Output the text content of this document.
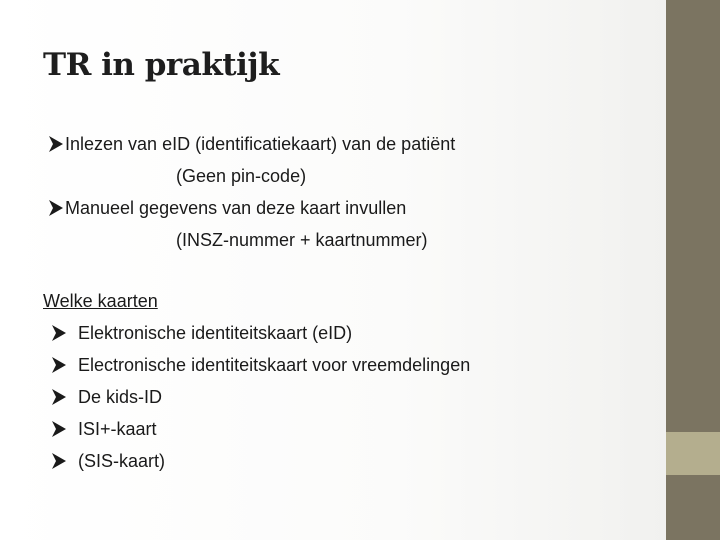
TR in praktijk
Inlezen van eID (identificatiekaart) van de patiënt
(Geen pin-code)
Manueel gegevens van deze kaart invullen
(INSZ-nummer + kaartnummer)
Welke kaarten
Elektronische identiteitskaart (eID)
Electronische identiteitskaart voor vreemdelingen
De kids-ID
ISI+-kaart
(SIS-kaart)
